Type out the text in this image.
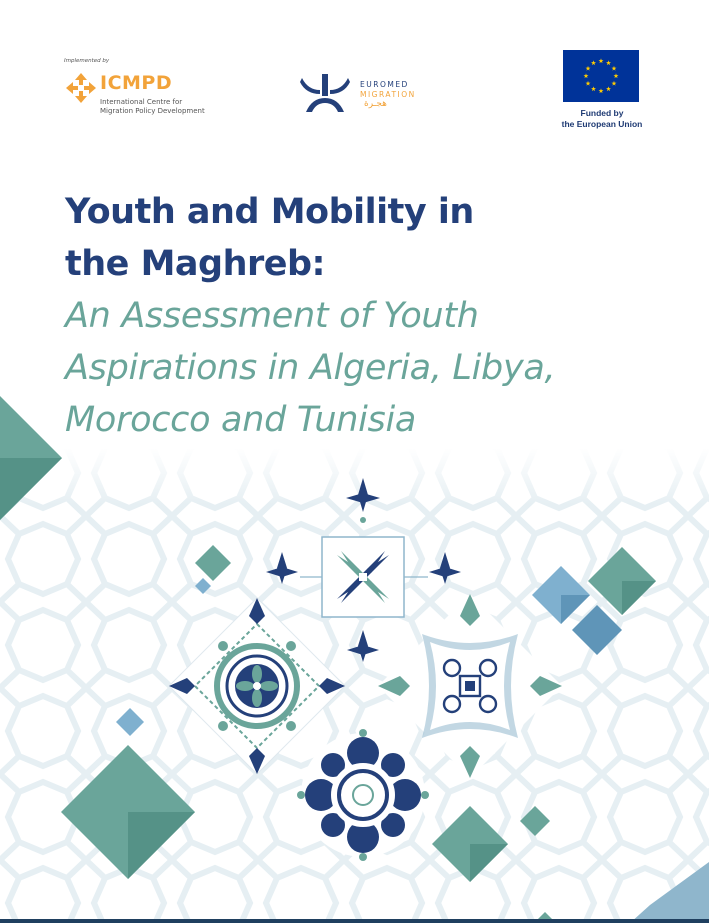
Implemented by
ICMPD
International Centre for
Migration Policy Development
EUROMED
MIGRATION
هجـرة
Funded by
the European Union
Youth and Mobility in
the Maghreb:
An Assessment of Youth
Aspirations in Algeria, Libya,
Morocco and Tunisia
